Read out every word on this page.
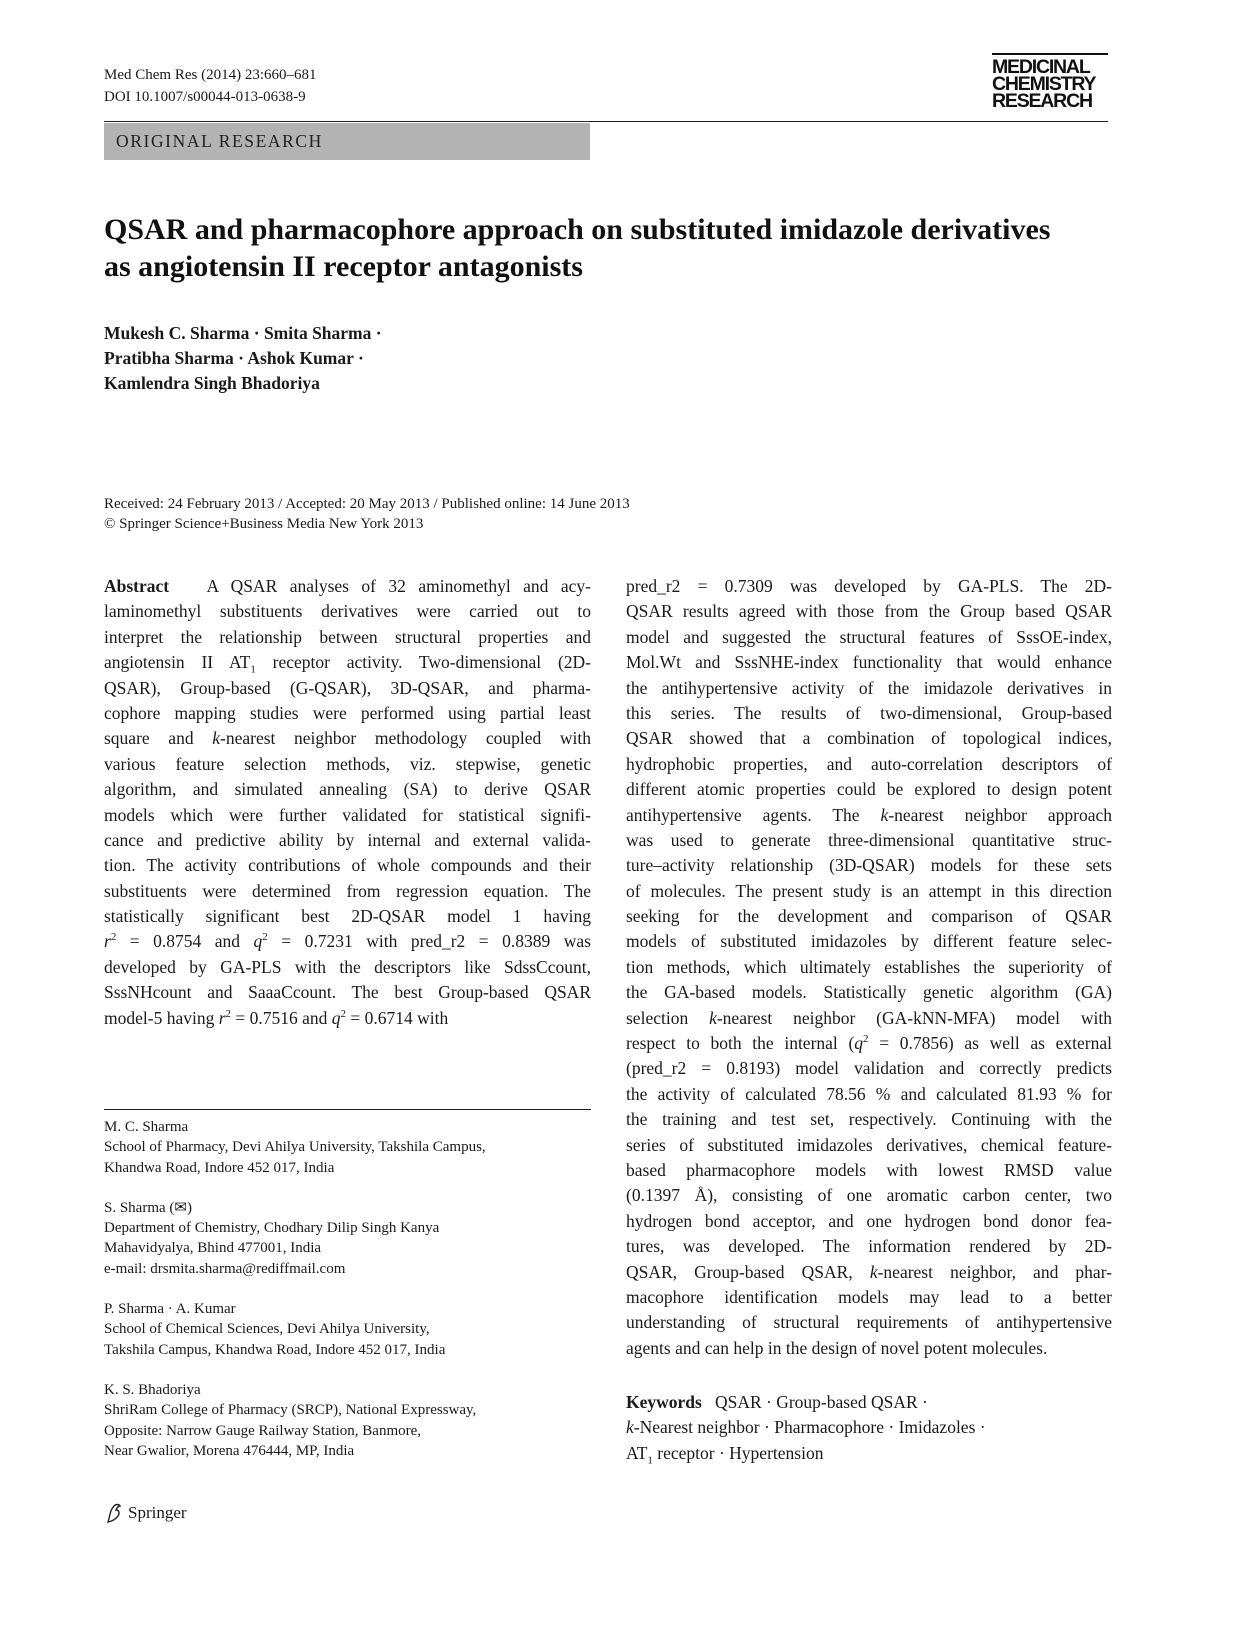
Med Chem Res (2014) 23:660–681
DOI 10.1007/s00044-013-0638-9
MEDICINAL
CHEMISTRY
RESEARCH
ORIGINAL RESEARCH
QSAR and pharmacophore approach on substituted imidazole derivatives as angiotensin II receptor antagonists
Mukesh C. Sharma · Smita Sharma ·
Pratibha Sharma · Ashok Kumar ·
Kamlendra Singh Bhadoriya
Received: 24 February 2013 / Accepted: 20 May 2013 / Published online: 14 June 2013
© Springer Science+Business Media New York 2013
Abstract   A QSAR analyses of 32 aminomethyl and acy-
laminomethyl substituents derivatives were carried out to
interpret the relationship between structural properties and
angiotensin II $AT_1$ receptor activity. Two-dimensional (2D-
QSAR), Group-based (G-QSAR), 3D-QSAR, and pharma-
cophore mapping studies were performed using partial least
square and k-nearest neighbor methodology coupled with
various feature selection methods, viz. stepwise, genetic
algorithm, and simulated annealing (SA) to derive QSAR
models which were further validated for statistical signifi-
cance and predictive ability by internal and external valida-
tion. The activity contributions of whole compounds and their
substituents were determined from regression equation. The
statistically significant best 2D-QSAR model 1 having
$r^2 = 0.8754$ and $q^2 = 0.7231$ with pred_r2 = 0.8389 was
developed by GA-PLS with the descriptors like SdssCcount,
SssNHcount and SaaaCcount. The best Group-based QSAR
model-5 having $r^2 = 0.7516$ and $q^2 = 0.6714$ with
pred_r2 = 0.7309 was developed by GA-PLS. The 2D-
QSAR results agreed with those from the Group based QSAR
model and suggested the structural features of SssOE-index,
Mol.Wt and SssNHE-index functionality that would enhance
the antihypertensive activity of the imidazole derivatives in
this series. The results of two-dimensional, Group-based
QSAR showed that a combination of topological indices,
hydrophobic properties, and auto-correlation descriptors of
different atomic properties could be explored to design potent
antihypertensive agents. The k-nearest neighbor approach
was used to generate three-dimensional quantitative struc-
ture–activity relationship (3D-QSAR) models for these sets
of molecules. The present study is an attempt in this direction
seeking for the development and comparison of QSAR
models of substituted imidazoles by different feature selec-
tion methods, which ultimately establishes the superiority of
the GA-based models. Statistically genetic algorithm (GA)
selection k-nearest neighbor (GA-kNN-MFA) model with
respect to both the internal $(q^2 = 0.7856)$ as well as external
(pred_r2 = 0.8193) model validation and correctly predicts
the activity of calculated 78.56 % and calculated 81.93 % for
the training and test set, respectively. Continuing with the
series of substituted imidazoles derivatives, chemical feature-
based pharmacophore models with lowest RMSD value
(0.1397 Å), consisting of one aromatic carbon center, two
hydrogen bond acceptor, and one hydrogen bond donor fea-
tures, was developed. The information rendered by 2D-
QSAR, Group-based QSAR, k-nearest neighbor, and phar-
macophore identification models may lead to a better
understanding of structural requirements of antihypertensive
agents and can help in the design of novel potent molecules.
M. C. Sharma
School of Pharmacy, Devi Ahilya University, Takshila Campus,
Khandwa Road, Indore 452 017, India
S. Sharma (✉)
Department of Chemistry, Chodhary Dilip Singh Kanya
Mahavidyalya, Bhind 477001, India
e-mail: drsmita.sharma@rediffmail.com
P. Sharma · A. Kumar
School of Chemical Sciences, Devi Ahilya University,
Takshila Campus, Khandwa Road, Indore 452 017, India
K. S. Bhadoriya
ShriRam College of Pharmacy (SRCP), National Expressway,
Opposite: Narrow Gauge Railway Station, Banmore,
Near Gwalior, Morena 476444, MP, India
Keywords QSAR · Group-based QSAR ·
k-Nearest neighbor · Pharmacophore · Imidazoles ·
$AT_1$ receptor · Hypertension
Springer
